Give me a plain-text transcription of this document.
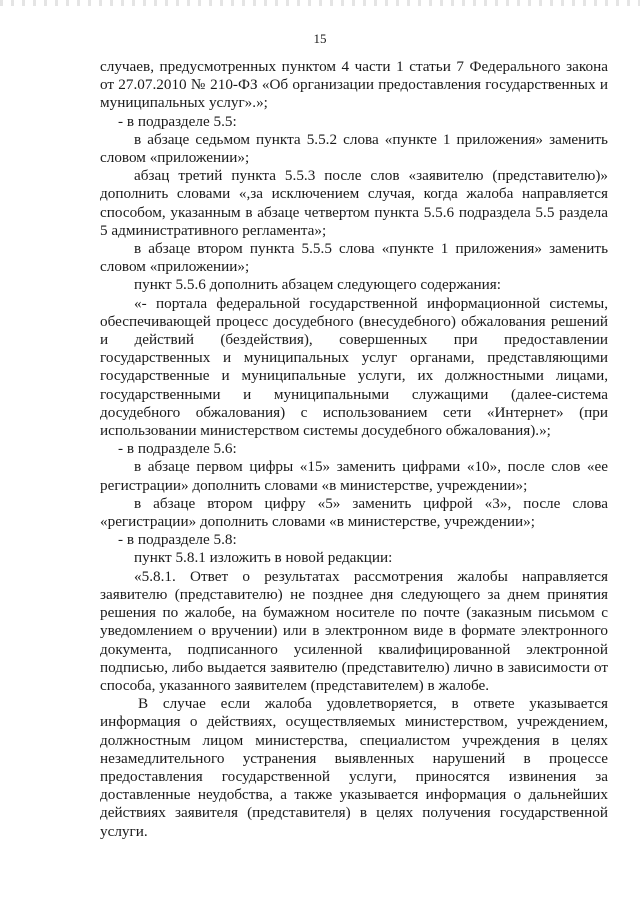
15

случаев, предусмотренных пунктом 4 части 1 статьи 7 Федерального закона

от 27.07.2010 № 210-ФЗ «Об организации предоставления государственных и

муниципальных услуг».»;

- в подразделе 5.5:

в абзаце седьмом пункта 5.5.2 слова «пункте 1 приложения» заменить

словом «приложении»;

абзац третий пункта 5.5.3 после слов «заявителю (представителю)»

дополнить словами «,за исключением случая, когда жалоба направляется

способом, указанным в абзаце четвертом пункта 5.5.6 подраздела 5.5 раздела

5 административного регламента»;

в абзаце втором пункта 5.5.5 слова «пункте 1 приложения» заменить

словом «приложении»;

пункт 5.5.6 дополнить абзацем следующего содержания:

«- портала федеральной государственной информационной системы,

обеспечивающей процесс досудебного (внесудебного) обжалования решений

и действий (бездействия), совершенных при предоставлении

государственных и муниципальных услуг органами, представляющими

государственные и муниципальные услуги, их должностными лицами,

государственными и муниципальными служащими (далее-система

досудебного обжалования) с использованием сети «Интернет» (при

использовании министерством системы досудебного обжалования).»;

- в подразделе 5.6:

в абзаце первом цифры «15» заменить цифрами «10», после слов «ее

регистрации» дополнить словами «в министерстве, учреждении»;

в абзаце втором цифру «5» заменить цифрой «3», после слова

«регистрации» дополнить словами «в министерстве, учреждении»;

- в подразделе 5.8:

пункт 5.8.1 изложить в новой редакции:

«5.8.1. Ответ о результатах рассмотрения жалобы направляется

заявителю (представителю) не позднее дня следующего за днем принятия

решения по жалобе, на бумажном носителе по почте (заказным письмом с

уведомлением о вручении) или в электронном виде в формате электронного

документа, подписанного усиленной квалифицированной электронной

подписью, либо выдается заявителю (представителю) лично в зависимости от

способа, указанного заявителем (представителем) в жалобе.

В случае если жалоба удовлетворяется, в ответе указывается

информация о действиях, осуществляемых министерством, учреждением,

должностным лицом министерства, специалистом учреждения в целях

незамедлительного устранения выявленных нарушений в процессе

предоставления государственной услуги, приносятся извинения за

доставленные неудобства, а также указывается информация о дальнейших

действиях заявителя (представителя) в целях получения государственной

услуги.
